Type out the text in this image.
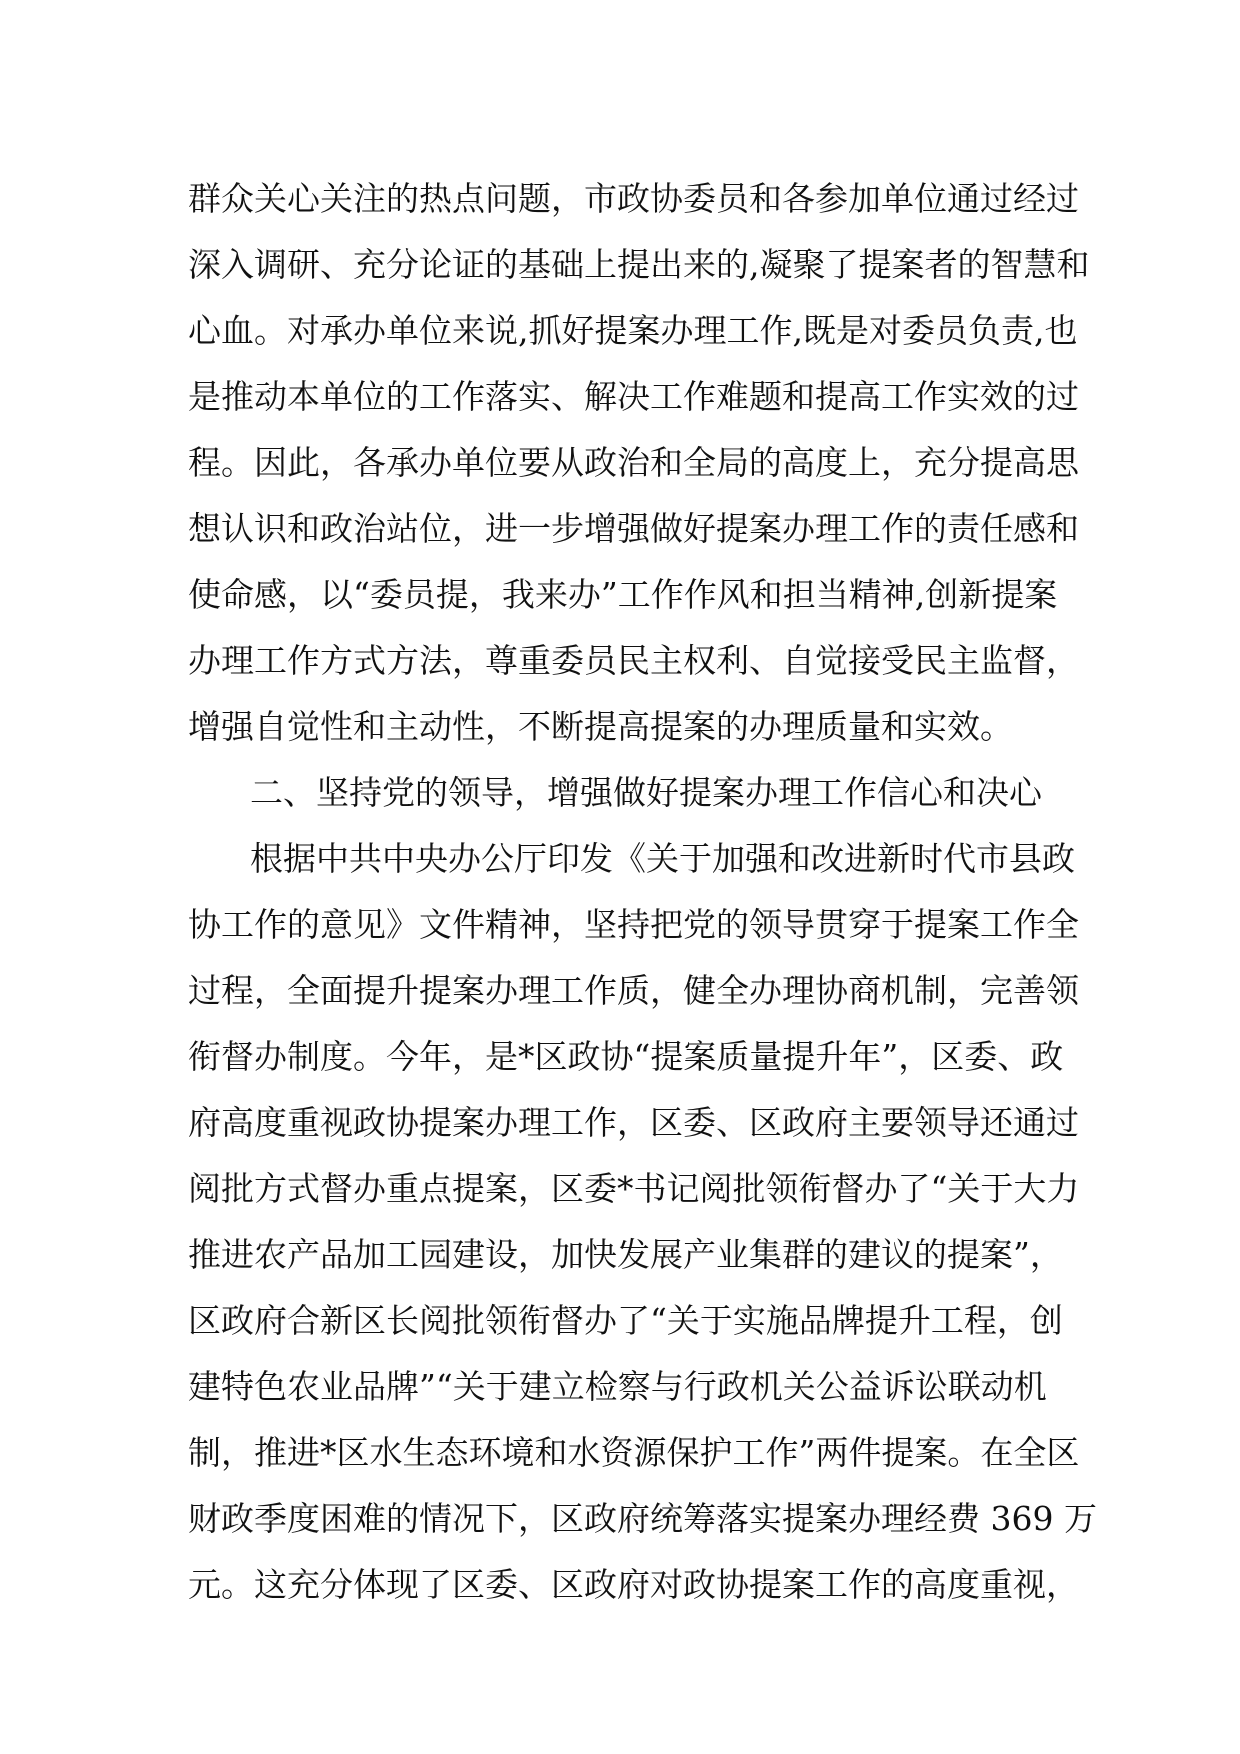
群众关心关注的热点问题，市政协委员和各参加单位通过经过
深入调研、充分论证的基础上提出来的,凝聚了提案者的智慧和
心血。对承办单位来说,抓好提案办理工作,既是对委员负责,也
是推动本单位的工作落实、解决工作难题和提高工作实效的过
程。因此，各承办单位要从政治和全局的高度上，充分提高思
想认识和政治站位，进一步增强做好提案办理工作的责任感和
使命感，以“委员提，我来办”工作作风和担当精神,创新提案
办理工作方式方法，尊重委员民主权利、自觉接受民主监督，
增强自觉性和主动性，不断提高提案的办理质量和实效。
二、坚持党的领导，增强做好提案办理工作信心和决心
根据中共中央办公厅印发《关于加强和改进新时代市县政
协工作的意见》文件精神，坚持把党的领导贯穿于提案工作全
过程，全面提升提案办理工作质，健全办理协商机制，完善领
衔督办制度。今年，是*区政协“提案质量提升年”，区委、政
府高度重视政协提案办理工作，区委、区政府主要领导还通过
阅批方式督办重点提案，区委*书记阅批领衔督办了“关于大力
推进农产品加工园建设，加快发展产业集群的建议的提案”，
区政府合新区长阅批领衔督办了“关于实施品牌提升工程，创
建特色农业品牌”“关于建立检察与行政机关公益诉讼联动机
制，推进*区水生态环境和水资源保护工作”两件提案。在全区
财政季度困难的情况下，区政府统筹落实提案办理经费 369 万
元。这充分体现了区委、区政府对政协提案工作的高度重视，
